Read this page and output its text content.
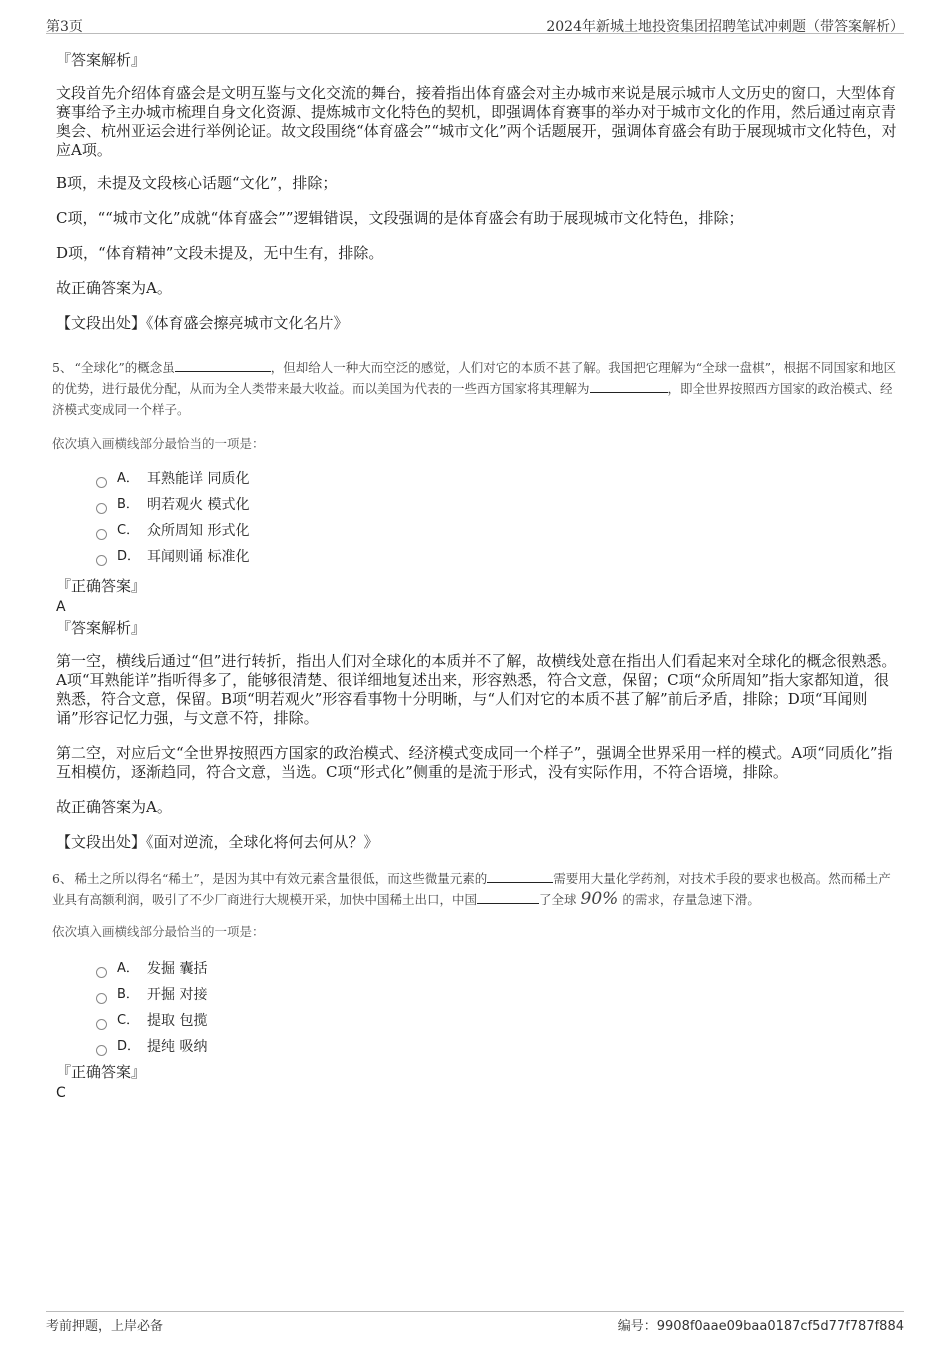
第3页	2024年新城土地投资集团招聘笔试冲刺题（带答案解析）
『答案解析』

文段首先介绍体育盛会是文明互鉴与文化交流的舞台，接着指出体育盛会对主办城市来说是展示城市人文历史的窗口，大型体育赛事给予主办城市梳理自身文化资源、提炼城市文化特色的契机，即强调体育赛事的举办对于城市文化的作用，然后通过南京青奥会、杭州亚运会进行举例论证。故文段围绕“体育盛会”“城市文化”两个话题展开，强调体育盛会有助于展现城市文化特色，对应A项。

B项，未提及文段核心话题“文化”，排除；

C项，““城市文化”成就“体育盛会””逻辑错误，文段强调的是体育盛会有助于展现城市文化特色，排除；

D项，“体育精神”文段未提及，无中生有，排除。

故正确答案为A。

【文段出处】《体育盛会擦亮城市文化名片》

5、 “全球化”的概念虽	，但却给人一种大而空泛的感觉，人们对它的本质不甚了解。我国把它理解为“全球一盘棋”，根据不同国家和地区的优势，进行最优分配，从而为全人类带来最大收益。而以美国为代表的一些西方国家将其理解为	，即全世界按照西方国家的政治模式、经济模式变成同一个样子。
依次填入画横线部分最恰当的一项是：
A． 耳熟能详 同质化
B． 明若观火 模式化
C． 众所周知 形式化
D． 耳闻则诵 标准化
『正确答案』
A
『答案解析』

第一空，横线后通过“但”进行转折，指出人们对全球化的本质并不了解，故横线处意在指出人们看起来对全球化的概念很熟悉。A项“耳熟能详”指听得多了，能够很清楚、很详细地复述出来，形容熟悉，符合文意，保留；C项“众所周知”指大家都知道，很熟悉，符合文意，保留。B项“明若观火”形容看事物十分明晰，与“人们对它的本质不甚了解”前后矛盾，排除；D项“耳闻则诵”形容记忆力强，与文意不符，排除。

第二空，对应后文“全世界按照西方国家的政治模式、经济模式变成同一个样子”，强调全世界采用一样的模式。A项“同质化”指互相模仿，逐渐趋同，符合文意，当选。C项“形式化”侧重的是流于形式，没有实际作用，不符合语境，排除。

故正确答案为A。

【文段出处】《面对逆流，全球化将何去何从？》

6、 稀土之所以得名“稀土”，是因为其中有效元素含量很低，而这些微量元素的	需要用大量化学药剂，对技术手段的要求也极高。然而稀土产业具有高额利润，吸引了不少厂商进行大规模开采，加快中国稀土出口，中国	了全球 90% 的需求，存量急速下滑。
依次填入画横线部分最恰当的一项是：
A． 发掘 囊括
B． 开掘 对接
C． 提取 包揽
D． 提纯 吸纳
『正确答案』
C
考前押题，上岸必备	编号：9908f0aae09baa0187cf5d77f787f884
